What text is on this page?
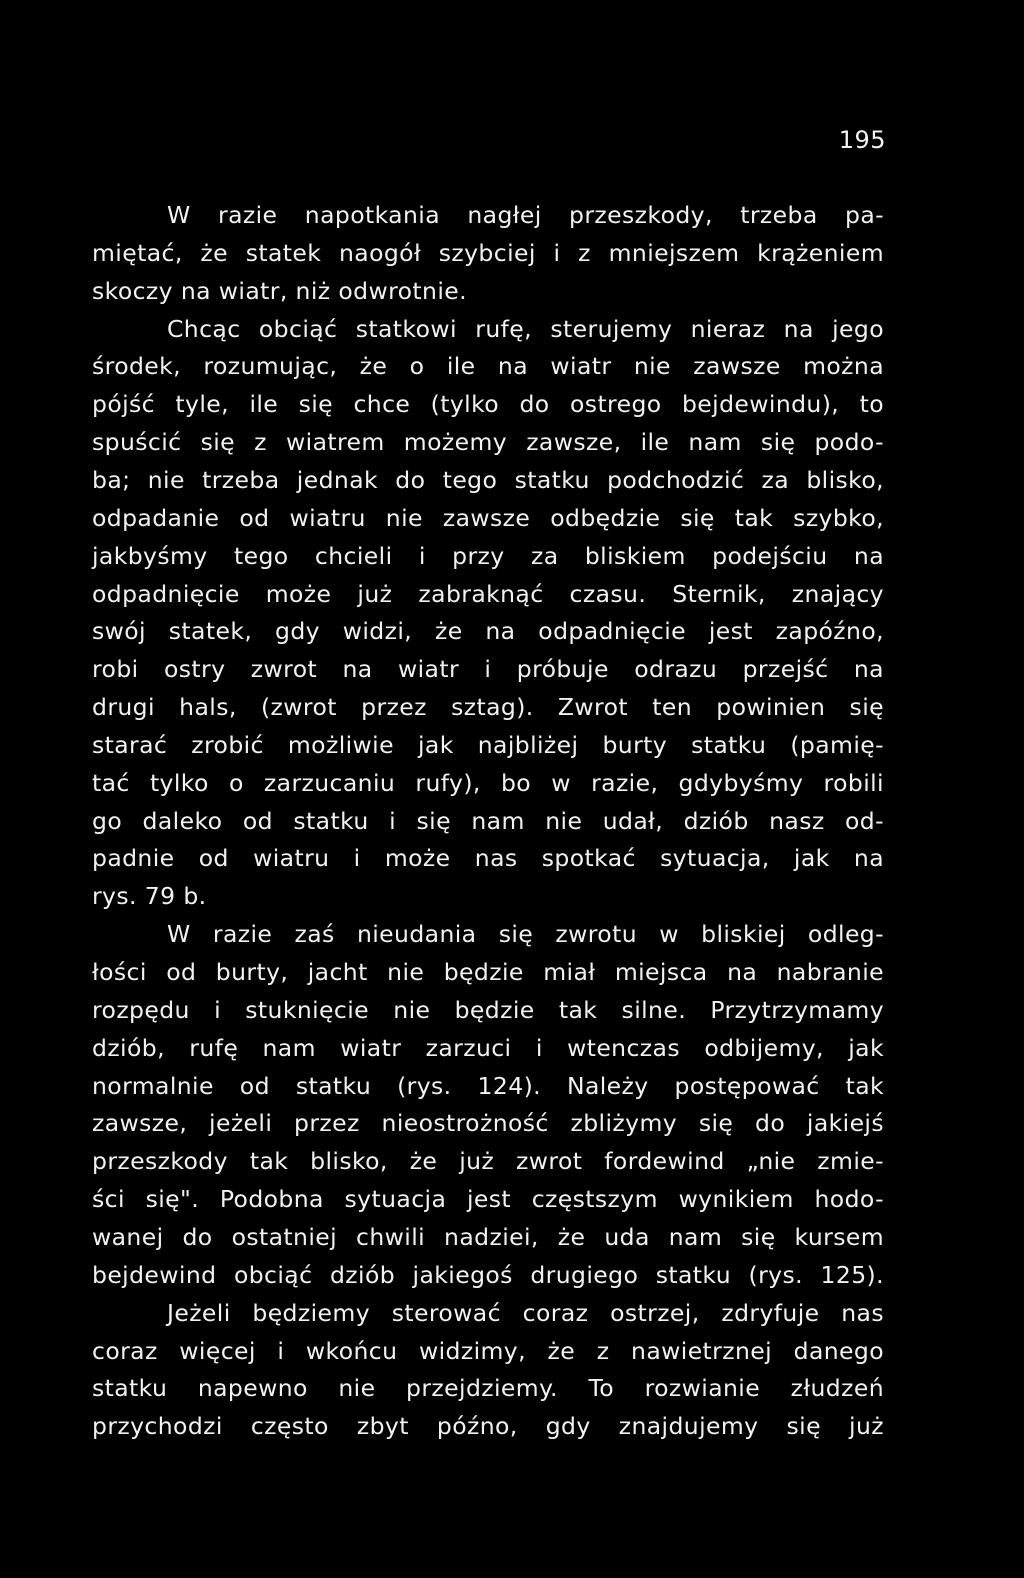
195
W razie napotkania nagłej przeszkody, trzeba pa-
miętać, że statek naogół szybciej i z mniejszem krążeniem
skoczy na wiatr, niż odwrotnie.
Chcąc obciąć statkowi rufę, sterujemy nieraz na jego
środek, rozumując, że o ile na wiatr nie zawsze można
pójść tyle, ile się chce (tylko do ostrego bejdewindu), to
spuścić się z wiatrem możemy zawsze, ile nam się podo-
ba; nie trzeba jednak do tego statku podchodzić za blisko,
odpadanie od wiatru nie zawsze odbędzie się tak szybko,
jakbyśmy tego chcieli i przy za bliskiem podejściu na
odpadnięcie może już zabraknąć czasu. Sternik, znający
swój statek, gdy widzi, że na odpadnięcie jest zapóźno,
robi ostry zwrot na wiatr i próbuje odrazu przejść na
drugi hals, (zwrot przez sztag). Zwrot ten powinien się
starać zrobić możliwie jak najbliżej burty statku (pamię-
tać tylko o zarzucaniu rufy), bo w razie, gdybyśmy robili
go daleko od statku i się nam nie udał, dziób nasz od-
padnie od wiatru i może nas spotkać sytuacja, jak na
rys. 79 b.
W razie zaś nieudania się zwrotu w bliskiej odleg-
łości od burty, jacht nie będzie miał miejsca na nabranie
rozpędu i stuknięcie nie będzie tak silne. Przytrzymamy
dziób, rufę nam wiatr zarzuci i wtenczas odbijemy, jak
normalnie od statku (rys. 124). Należy postępować tak
zawsze, jeżeli przez nieostrożność zbliżymy się do jakiejś
przeszkody tak blisko, że już zwrot fordewind „nie zmie-
ści się". Podobna sytuacja jest częstszym wynikiem hodo-
wanej do ostatniej chwili nadziei, że uda nam się kursem
bejdewind obciąć dziób jakiegoś drugiego statku (rys. 125).
Jeżeli będziemy sterować coraz ostrzej, zdryfuje nas
coraz więcej i wkońcu widzimy, że z nawietrznej danego
statku napewno nie przejdziemy. To rozwianie złudzeń
przychodzi często zbyt późno, gdy znajdujemy się już
